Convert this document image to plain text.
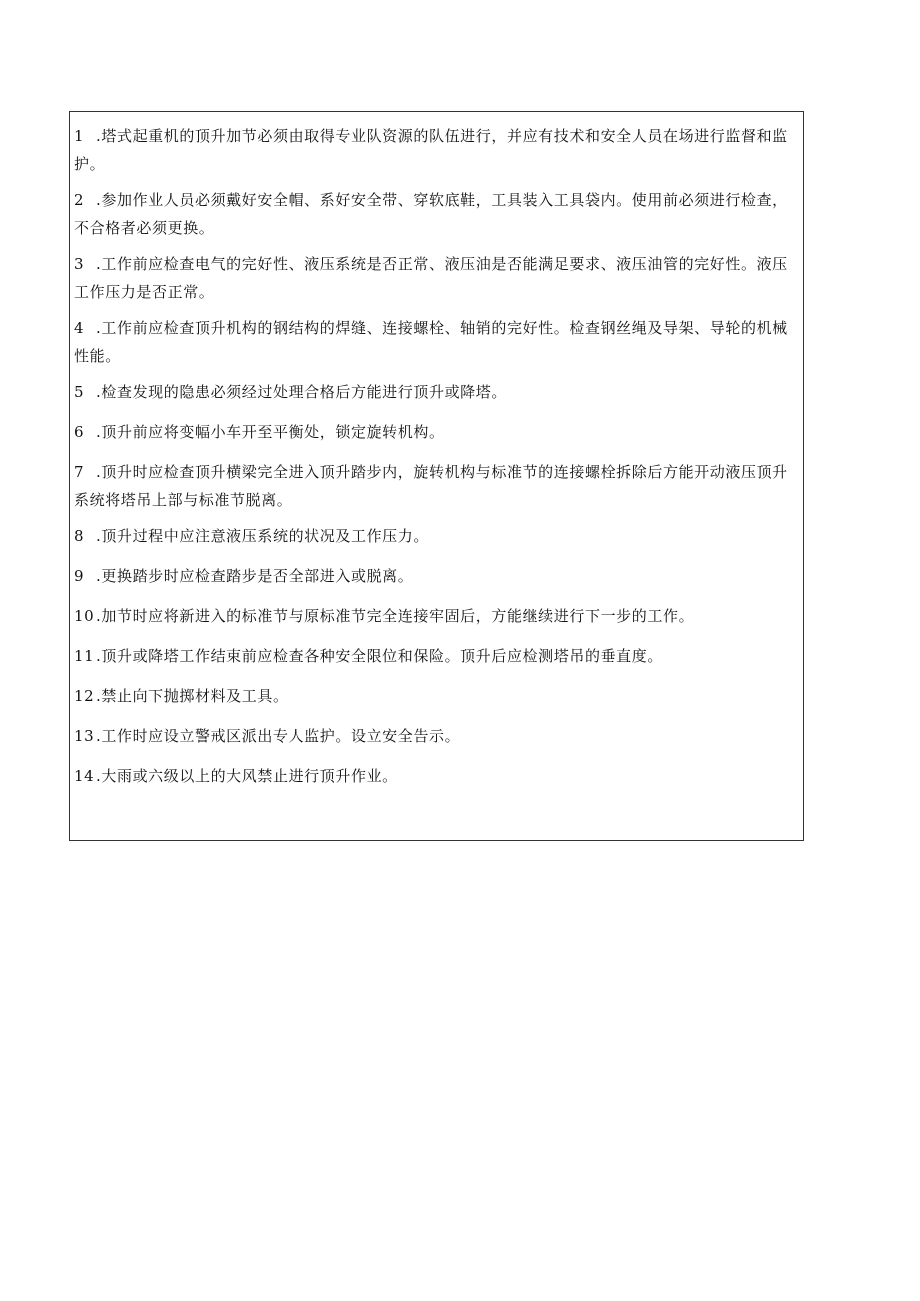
1 .塔式起重机的顶升加节必须由取得专业队资源的队伍进行，并应有技术和安全人员在场进行监督和监护。

2 .参加作业人员必须戴好安全帽、系好安全带、穿软底鞋，工具装入工具袋内。使用前必须进行检查，不合格者必须更换。

3 .工作前应检查电气的完好性、液压系统是否正常、液压油是否能满足要求、液压油管的完好性。液压工作压力是否正常。

4 .工作前应检查顶升机构的钢结构的焊缝、连接螺栓、轴销的完好性。检查钢丝绳及导架、导轮的机械性能。

5 .检查发现的隐患必须经过处理合格后方能进行顶升或降塔。

6 .顶升前应将变幅小车开至平衡处，锁定旋转机构。

7 .顶升时应检查顶升横梁完全进入顶升踏步内，旋转机构与标准节的连接螺栓拆除后方能开动液压顶升系统将塔吊上部与标准节脱离。

8 .顶升过程中应注意液压系统的状况及工作压力。

9 .更换踏步时应检查踏步是否全部进入或脱离。

10 .加节时应将新进入的标准节与原标准节完全连接牢固后，方能继续进行下一步的工作。

11 .顶升或降塔工作结束前应检查各种安全限位和保险。顶升后应检测塔吊的垂直度。

12 .禁止向下抛掷材料及工具。

13 .工作时应设立警戒区派出专人监护。设立安全告示。

14 .大雨或六级以上的大风禁止进行顶升作业。
